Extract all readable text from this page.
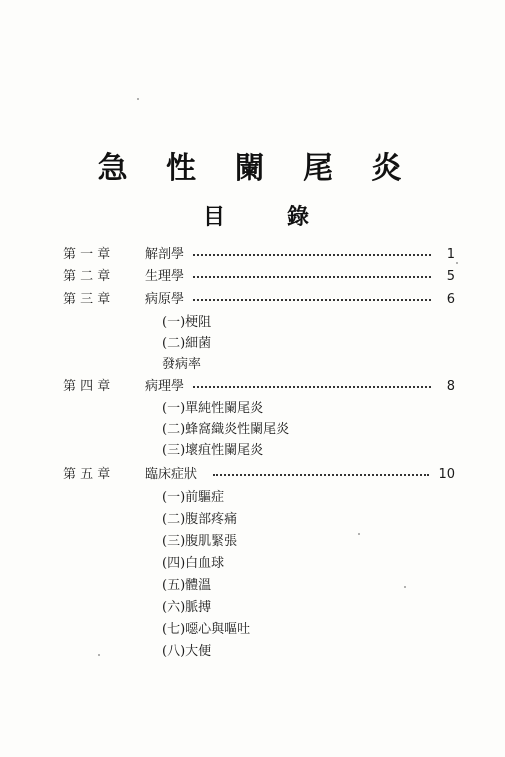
急 性 闌 尾 炎
目	錄
第 一 章	解剖學	1
第 二 章	生理學	5
第 三 章	病原學	6
(一)梗阻
(二)細菌
發病率
第 四 章	病理學	8
(一)單純性闌尾炎
(二)蜂窩織炎性闌尾炎
(三)壞疽性闌尾炎
第 五 章	臨床症狀	10
(一)前驅症
(二)腹部疼痛
(三)腹肌緊張
(四)白血球
(五)體溫
(六)脈搏
(七)噁心與嘔吐
(八)大便
